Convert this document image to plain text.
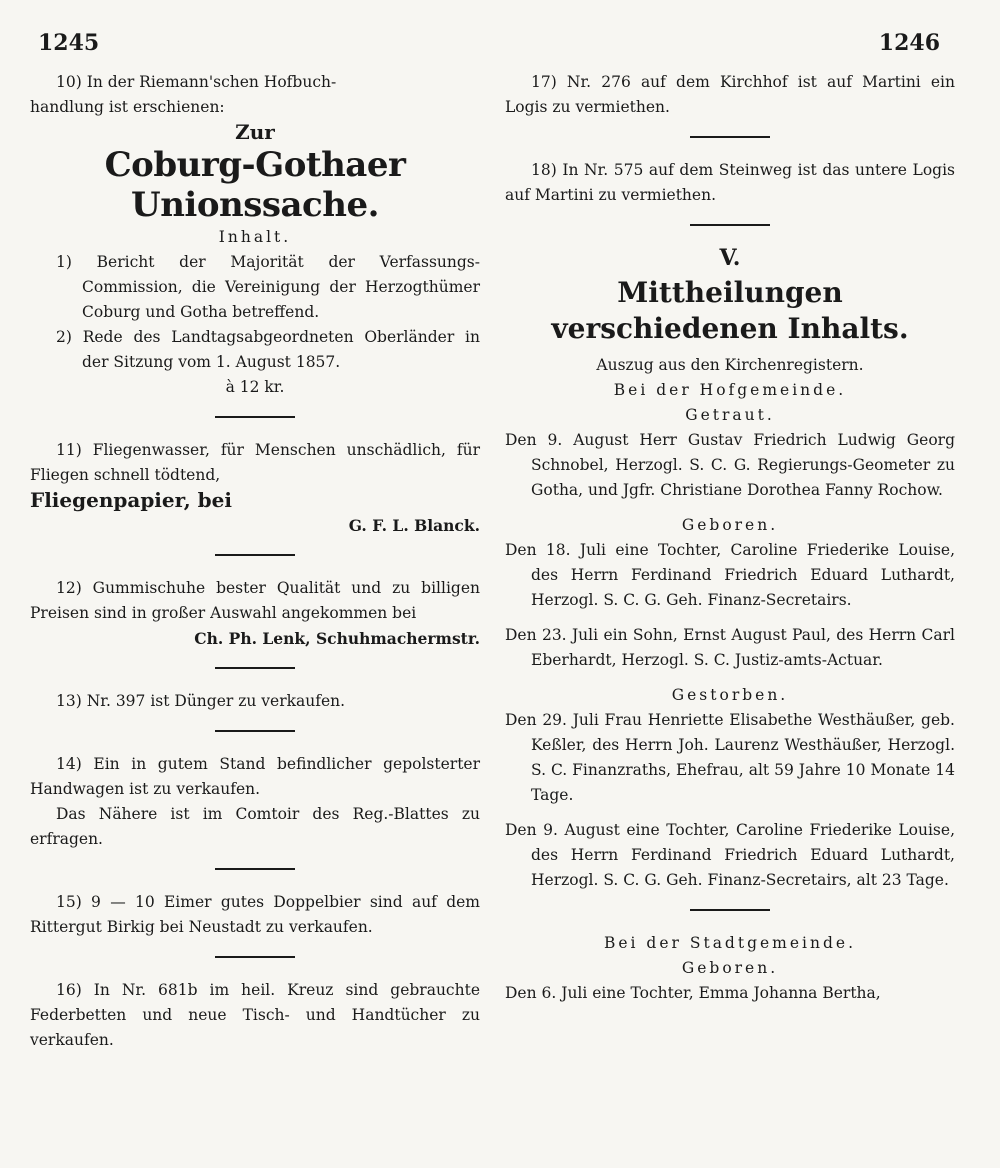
1245	1246
10) In der Riemann'schen Hofbuch-
handlung ist erschienen:
Zur
Coburg-Gothaer Unionssache.
Inhalt.
1) Bericht der Majorität der Verfassungs-Commission, die Vereinigung der Herzogthümer Coburg und Gotha betreffend.
2) Rede des Landtagsabgeordneten Oberländer in der Sitzung vom 1. August 1857.
à 12 kr.
11) Fliegenwasser, für Menschen unschädlich, für Fliegen schnell tödtend,
Fliegenpapier, bei
G. F. L. Blanck.
12) Gummischuhe bester Qualität und zu billigen Preisen sind in großer Auswahl angekommen bei
Ch. Ph. Lenk, Schuhmachermstr.
13) Nr. 397 ist Dünger zu verkaufen.
14) Ein in gutem Stand befindlicher gepolsterter Handwagen ist zu verkaufen.
Das Nähere ist im Comtoir des Reg.-Blattes zu erfragen.
15) 9 — 10 Eimer gutes Doppelbier sind auf dem Rittergut Birkig bei Neustadt zu verkaufen.
16) In Nr. 681b im heil. Kreuz sind gebrauchte Federbetten und neue Tisch- und Handtücher zu verkaufen.
17) Nr. 276 auf dem Kirchhof ist auf Martini ein Logis zu vermiethen.
18) In Nr. 575 auf dem Steinweg ist das untere Logis auf Martini zu vermiethen.
V.
Mittheilungen verschiedenen Inhalts.
Auszug aus den Kirchenregistern.
Bei der Hofgemeinde.
Getraut.
Den 9. August Herr Gustav Friedrich Ludwig Georg Schnobel, Herzogl. S. C. G. Regierungs-Geometer zu Gotha, und Jgfr. Christiane Dorothea Fanny Rochow.
Geboren.
Den 18. Juli eine Tochter, Caroline Friederike Louise, des Herrn Ferdinand Friedrich Eduard Luthardt, Herzogl. S. C. G. Geh. Finanz-Secretairs.
Den 23. Juli ein Sohn, Ernst August Paul, des Herrn Carl Eberhardt, Herzogl. S. C. Justiz-amts-Actuar.
Gestorben.
Den 29. Juli Frau Henriette Elisabethe Westhäußer, geb. Keßler, des Herrn Joh. Laurenz Westhäußer, Herzogl. S. C. Finanzraths, Ehefrau, alt 59 Jahre 10 Monate 14 Tage.
Den 9. August eine Tochter, Caroline Friederike Louise, des Herrn Ferdinand Friedrich Eduard Luthardt, Herzogl. S. C. G. Geh. Finanz-Secretairs, alt 23 Tage.
Bei der Stadtgemeinde.
Geboren.
Den 6. Juli eine Tochter, Emma Johanna Bertha,
